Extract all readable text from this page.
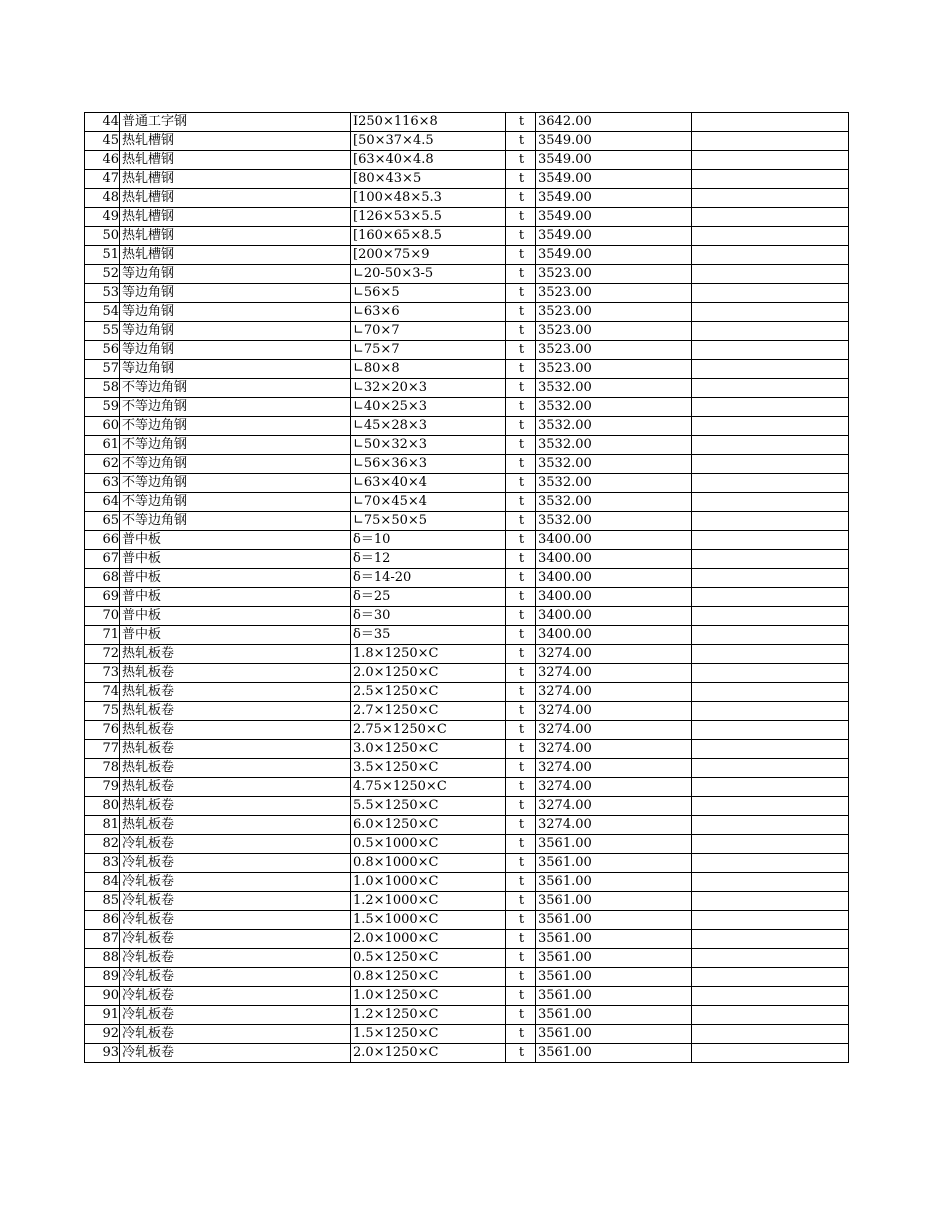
44	普通工字钢	I250×116×8	t	3642.00	
45	热轧槽钢	[50×37×4.5	t	3549.00	
46	热轧槽钢	[63×40×4.8	t	3549.00	
47	热轧槽钢	[80×43×5	t	3549.00	
48	热轧槽钢	[100×48×5.3	t	3549.00	
49	热轧槽钢	[126×53×5.5	t	3549.00	
50	热轧槽钢	[160×65×8.5	t	3549.00	
51	热轧槽钢	[200×75×9	t	3549.00	
52	等边角钢	∟20-50×3-5	t	3523.00	
53	等边角钢	∟56×5	t	3523.00	
54	等边角钢	∟63×6	t	3523.00	
55	等边角钢	∟70×7	t	3523.00	
56	等边角钢	∟75×7	t	3523.00	
57	等边角钢	∟80×8	t	3523.00	
58	不等边角钢	∟32×20×3	t	3532.00	
59	不等边角钢	∟40×25×3	t	3532.00	
60	不等边角钢	∟45×28×3	t	3532.00	
61	不等边角钢	∟50×32×3	t	3532.00	
62	不等边角钢	∟56×36×3	t	3532.00	
63	不等边角钢	∟63×40×4	t	3532.00	
64	不等边角钢	∟70×45×4	t	3532.00	
65	不等边角钢	∟75×50×5	t	3532.00	
66	普中板	δ＝10	t	3400.00	
67	普中板	δ＝12	t	3400.00	
68	普中板	δ＝14-20	t	3400.00	
69	普中板	δ＝25	t	3400.00	
70	普中板	δ＝30	t	3400.00	
71	普中板	δ＝35	t	3400.00	
72	热轧板卷	1.8×1250×C	t	3274.00	
73	热轧板卷	2.0×1250×C	t	3274.00	
74	热轧板卷	2.5×1250×C	t	3274.00	
75	热轧板卷	2.7×1250×C	t	3274.00	
76	热轧板卷	2.75×1250×C	t	3274.00	
77	热轧板卷	3.0×1250×C	t	3274.00	
78	热轧板卷	3.5×1250×C	t	3274.00	
79	热轧板卷	4.75×1250×C	t	3274.00	
80	热轧板卷	5.5×1250×C	t	3274.00	
81	热轧板卷	6.0×1250×C	t	3274.00	
82	冷轧板卷	0.5×1000×C	t	3561.00	
83	冷轧板卷	0.8×1000×C	t	3561.00	
84	冷轧板卷	1.0×1000×C	t	3561.00	
85	冷轧板卷	1.2×1000×C	t	3561.00	
86	冷轧板卷	1.5×1000×C	t	3561.00	
87	冷轧板卷	2.0×1000×C	t	3561.00	
88	冷轧板卷	0.5×1250×C	t	3561.00	
89	冷轧板卷	0.8×1250×C	t	3561.00	
90	冷轧板卷	1.0×1250×C	t	3561.00	
91	冷轧板卷	1.2×1250×C	t	3561.00	
92	冷轧板卷	1.5×1250×C	t	3561.00	
93	冷轧板卷	2.0×1250×C	t	3561.00	
